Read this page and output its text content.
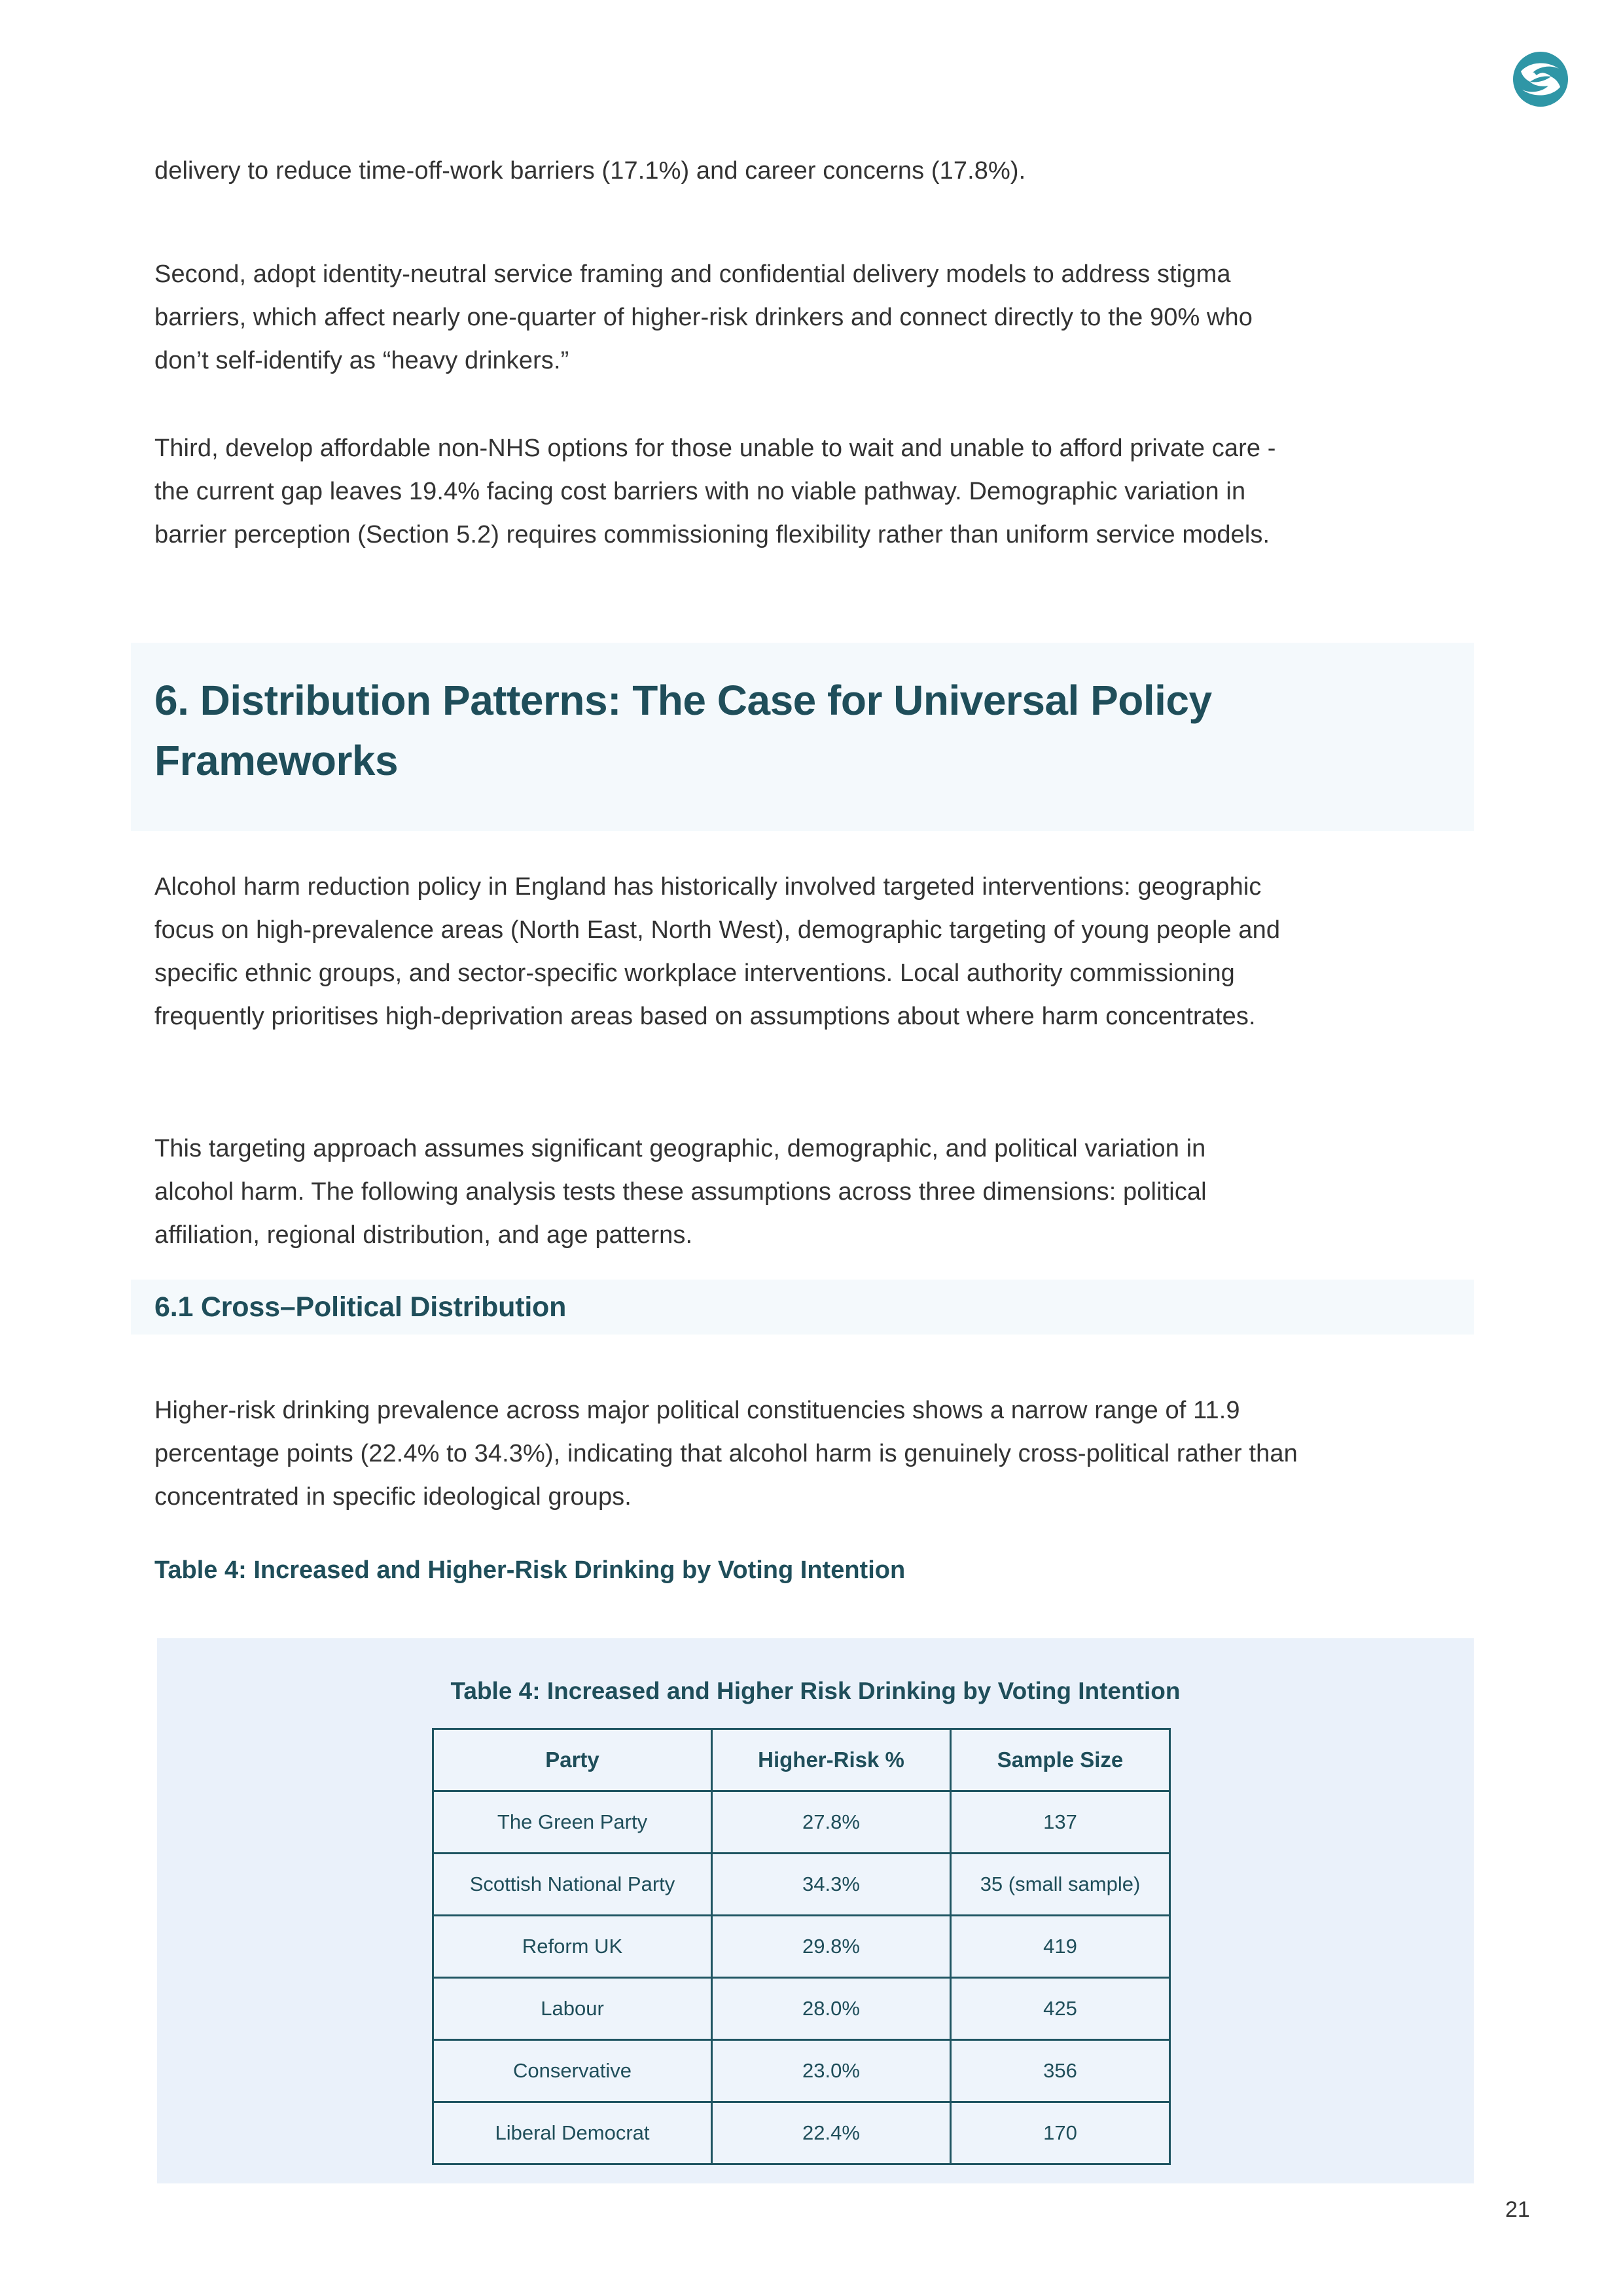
delivery to reduce time-off-work barriers (17.1%) and career concerns (17.8%).

Second, adopt identity-neutral service framing and confidential delivery models to address stigma barriers, which affect nearly one-quarter of higher-risk drinkers and connect directly to the 90% who don’t self-identify as “heavy drinkers.”

Third, develop affordable non-NHS options for those unable to wait and unable to afford private care - the current gap leaves 19.4% facing cost barriers with no viable pathway. Demographic variation in barrier perception (Section 5.2) requires commissioning flexibility rather than uniform service models.

Alcohol harm reduction policy in England has historically involved targeted interventions: geographic focus on high-prevalence areas (North East, North West), demographic targeting of young people and specific ethnic groups, and sector-specific workplace interventions. Local authority commissioning frequently prioritises high-deprivation areas based on assumptions about where harm concentrates.

This targeting approach assumes significant geographic, demographic, and political variation in alcohol harm. The following analysis tests these assumptions across three dimensions: political affiliation, regional distribution, and age patterns.

Higher-risk drinking prevalence across major political constituencies shows a narrow range of 11.9 percentage points (22.4% to 34.3%), indicating that alcohol harm is genuinely cross-political rather than concentrated in specific ideological groups.

Table 4: Increased and Higher-Risk Drinking by Voting Intention
6. Distribution Patterns: The Case for Universal Policy Frameworks
6.1 Cross–Political Distribution
Table 4: Increased and Higher Risk Drinking by Voting Intention
Party	Higher-Risk %	Sample Size
The Green Party	27.8%	137
Scottish National Party	34.3%	35 (small sample)
Reform UK	29.8%	419
Labour	28.0%	425
Conservative	23.0%	356
Liberal Democrat	22.4%	170
21
